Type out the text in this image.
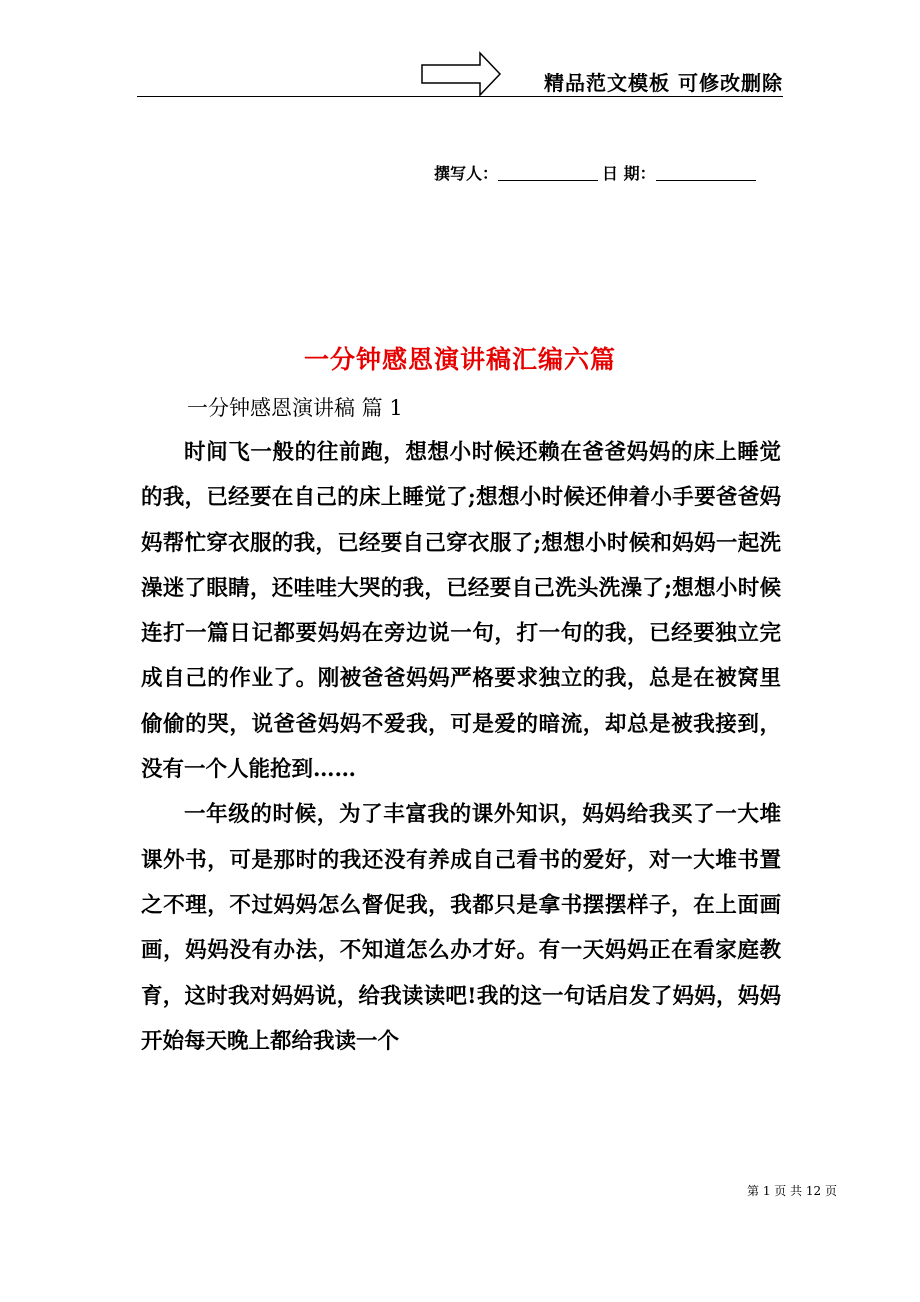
精品范文模板 可修改删除
撰写人：	日 期：
一分钟感恩演讲稿汇编六篇
一分钟感恩演讲稿 篇 1

时间飞一般的往前跑，想想小时候还赖在爸爸妈妈的床上睡觉的我，已经要在自己的床上睡觉了;想想小时候还伸着小手要爸爸妈妈帮忙穿衣服的我，已经要自己穿衣服了;想想小时候和妈妈一起洗澡迷了眼睛，还哇哇大哭的我，已经要自己洗头洗澡了;想想小时候连打一篇日记都要妈妈在旁边说一句，打一句的我，已经要独立完成自己的作业了。刚被爸爸妈妈严格要求独立的我，总是在被窝里偷偷的哭，说爸爸妈妈不爱我，可是爱的暗流，却总是被我接到，没有一个人能抢到……

一年级的时候，为了丰富我的课外知识，妈妈给我买了一大堆课外书，可是那时的我还没有养成自己看书的爱好，对一大堆书置之不理，不过妈妈怎么督促我，我都只是拿书摆摆样子，在上面画画，妈妈没有办法，不知道怎么办才好。有一天妈妈正在看家庭教育，这时我对妈妈说，给我读读吧!我的这一句话启发了妈妈，妈妈开始每天晚上都给我读一个

第 1 页 共 12 页
